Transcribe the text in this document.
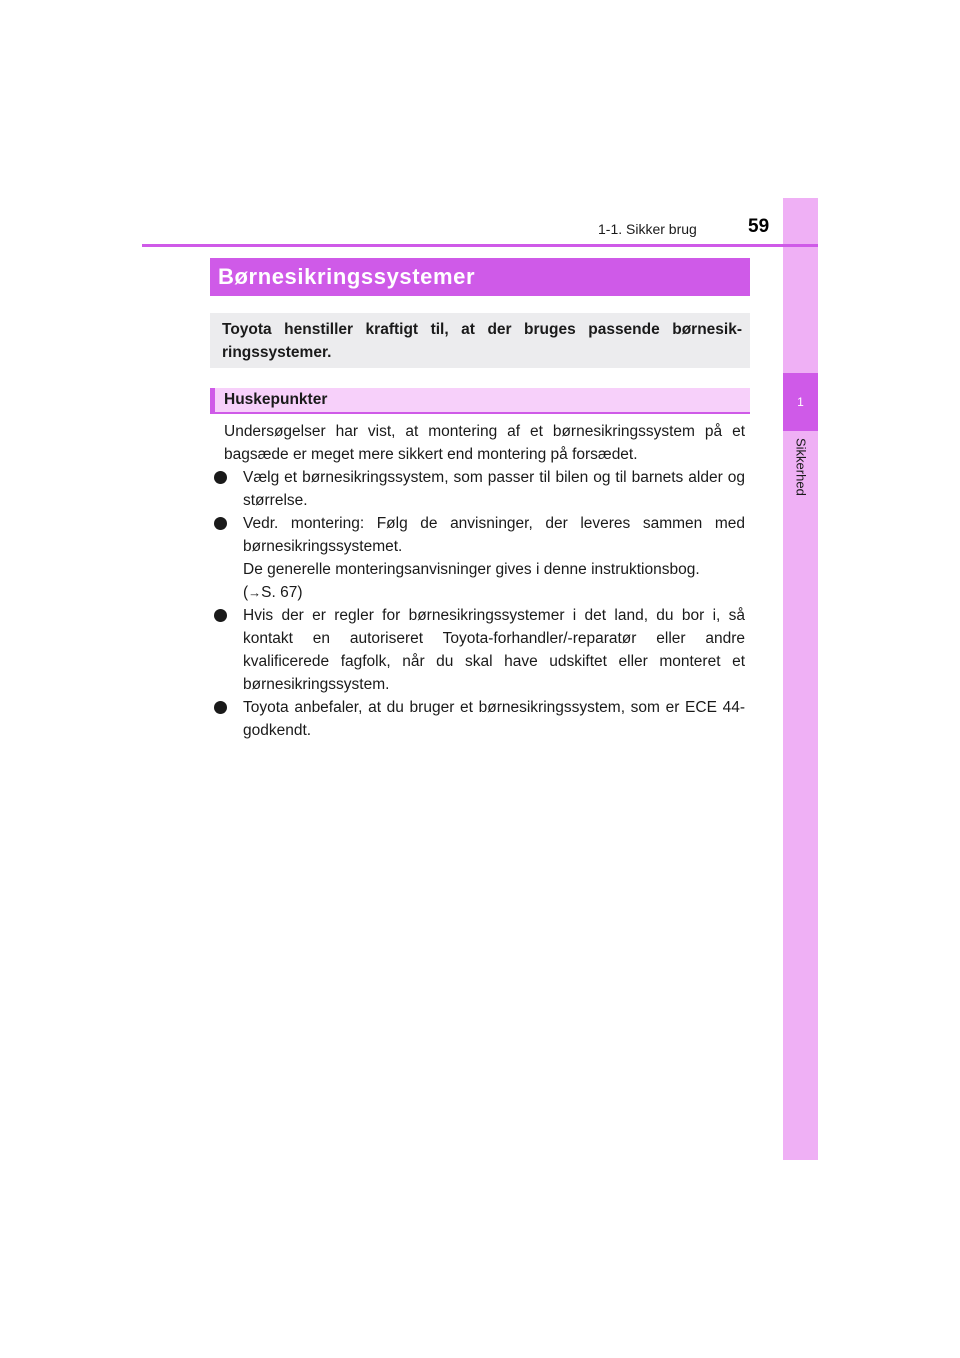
1
Sikkerhed
1-1. Sikker brug	59
Børnesikringssystemer

Toyota henstiller kraftigt til, at der bruges passende børnesik-

ringssystemer.

Huskepunkter

Undersøgelser har vist, at montering af et børnesikringssystem på et bagsæde er meget mere sikkert end montering på forsædet.

Vælg et børnesikringssystem, som passer til bilen og til barnets alder og størrelse.
Vedr. montering: Følg de anvisninger, der leveres sammen med børnesikringssystemet.
De generelle monteringsanvisninger gives i denne instruktionsbog.
(→S. 67)
Hvis der er regler for børnesikringssystemer i det land, du bor i, så kontakt en autoriseret Toyota-forhandler/-reparatør eller andre kvalificerede fagfolk, når du skal have udskiftet eller monteret et børnesikringssystem.
Toyota anbefaler, at du bruger et børnesikringssystem, som er ECE 44-godkendt.
